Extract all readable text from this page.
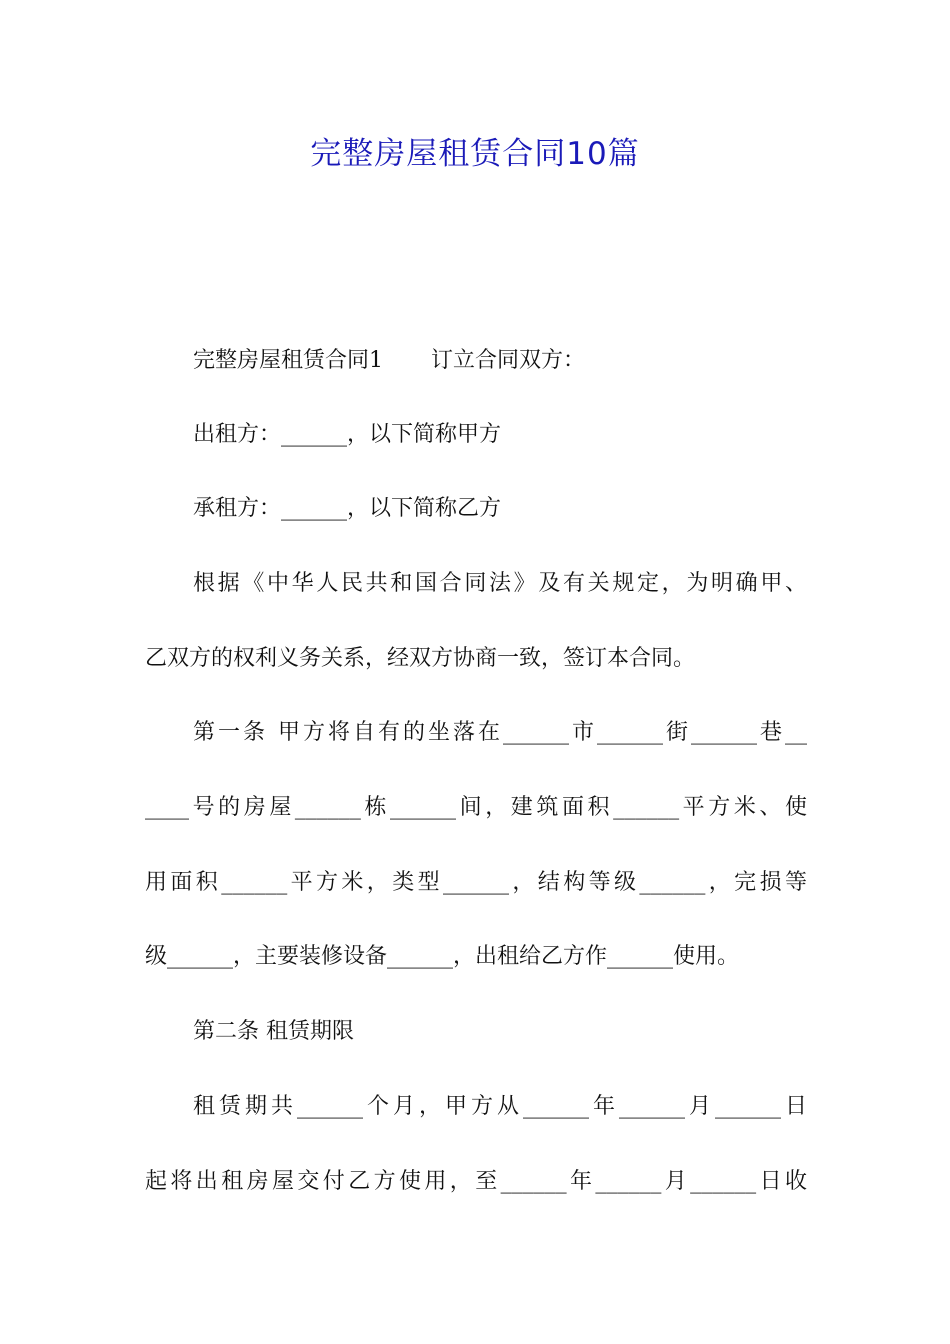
完整房屋租赁合同10篇
完整房屋租赁合同1 订立合同双方：
出租方：______，以下简称甲方
承租方：______，以下简称乙方
根据《中华人民共和国合同法》及有关规定，为明确甲、
乙双方的权利义务关系，经双方协商一致，签订本合同。
第一条 甲方将自有的坐落在______市______街______巷__
____号的房屋______栋______间，建筑面积______平方米、使
用面积______平方米，类型______，结构等级______，完损等
级______，主要装修设备______，出租给乙方作______使用。
第二条 租赁期限
租赁期共______个月，甲方从______年______月______日
起将出租房屋交付乙方使用，至______年______月______日收
